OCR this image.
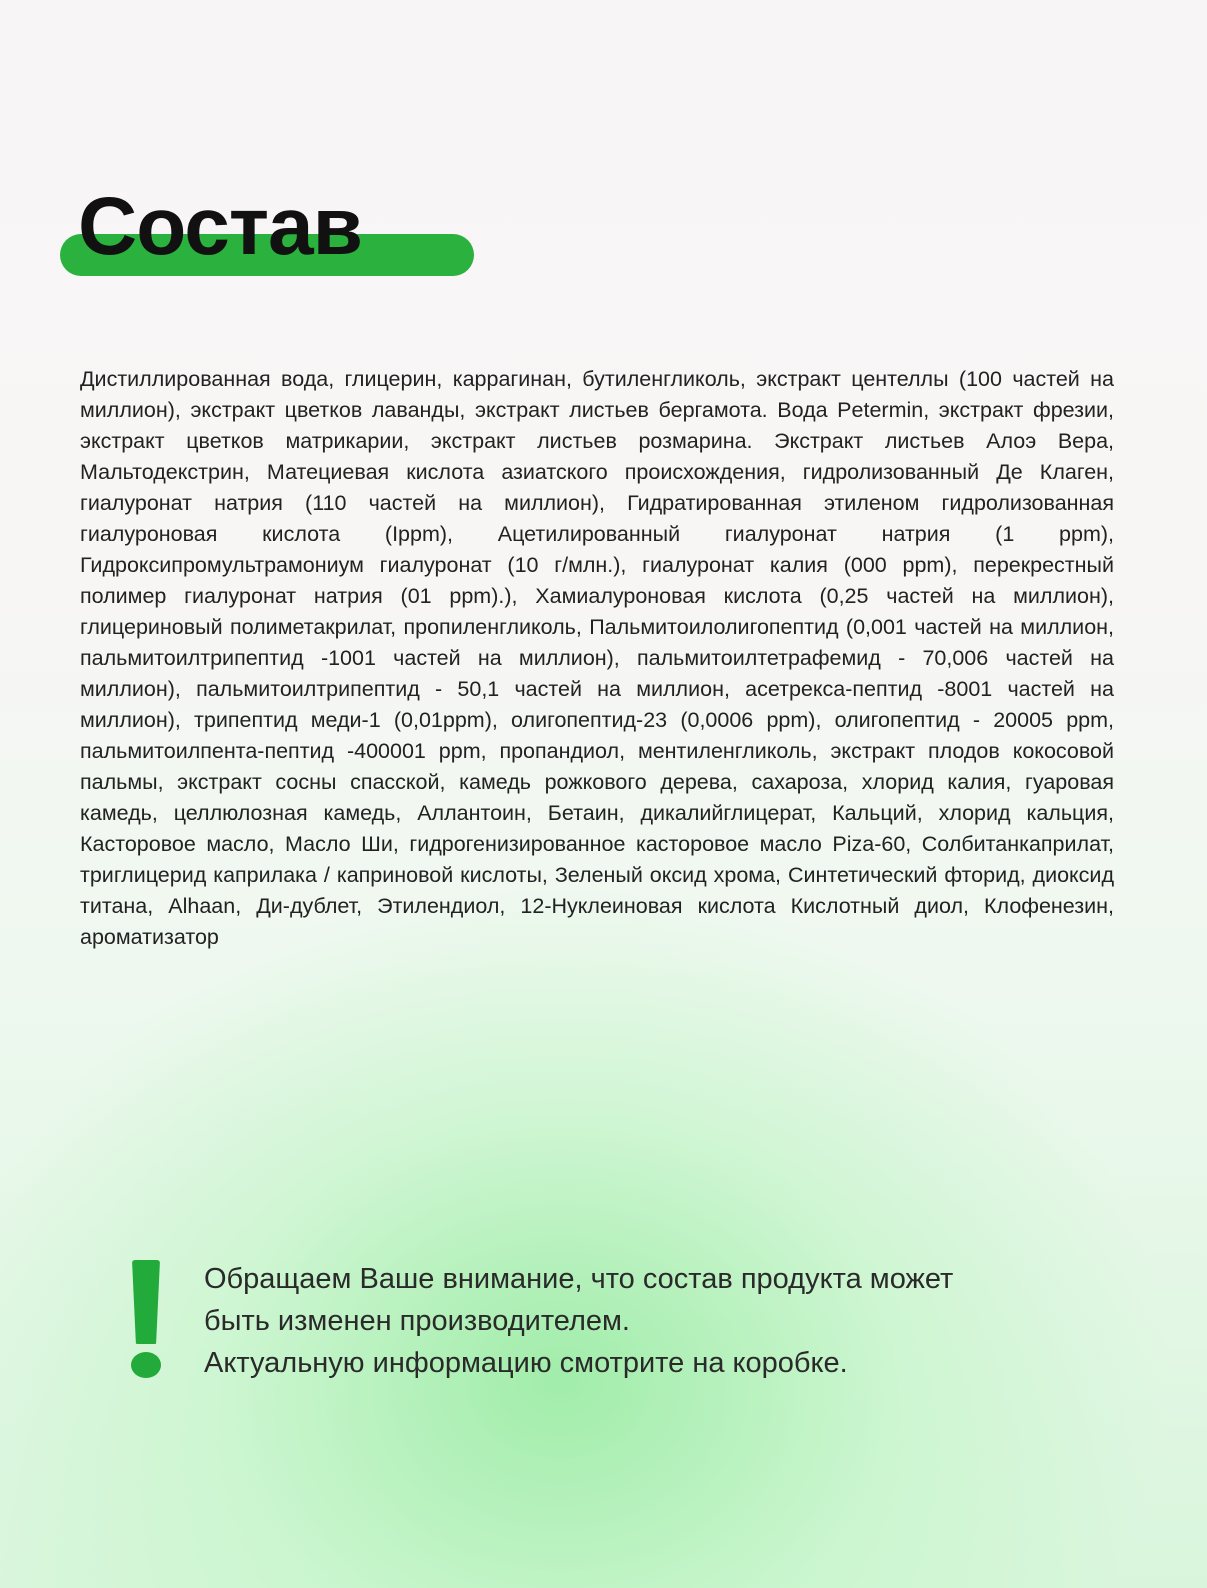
Состав

Дистиллированная вода, глицерин, каррагинан, бутиленгликоль, экстракт центеллы (100 частей на миллион), экстракт цветков лаванды, экстракт листьев бергамота. Вода Petermin, экстракт фрезии, экстракт цветков матрикарии, экстракт листьев розмарина. Экстракт листьев Алоэ Вера, Мальтодекстрин, Матециевая кислота азиатского происхождения, гидролизованный Де Клаген, гиалуронат натрия (110 частей на миллион), Гидратированная этиленом гидролизованная гиалуроновая кислота (Ippm), Ацетилированный гиалуронат натрия (1 ppm), Гидроксипромультрамониум гиалуронат (10 г/млн.), гиалуронат калия (000 ppm), перекрестный полимер гиалуронат натрия (01 ppm).), Хамиалуроновая кислота (0,25 частей на миллион), глицериновый полиметакрилат, пропиленгликоль, Пальмитоилолигопептид (0,001 частей на миллион, пальмитоилтрипептид -1001 частей на миллион), пальмитоилтетрафемид - 70,006 частей на миллион), пальмитоилтрипептид - 50,1 частей на миллион, асетрекса-пептид -8001 частей на миллион), трипептид меди-1 (0,01ppm), олигопептид-23 (0,0006 ppm), олигопептид - 20005 ppm, пальмитоилпента-пептид -400001 ppm, пропандиол, ментиленгликоль, экстракт плодов кокосовой пальмы, экстракт сосны спасской, камедь рожкового дерева, сахароза, хлорид калия, гуаровая камедь, целлюлозная камедь, Аллантоин, Бетаин, дикалийглицерат, Кальций, хлорид кальция, Касторовое масло, Масло Ши, гидрогенизированное касторовое масло Piza-60, Солбитанкаприлат, триглицерид каприлака / каприновой кислоты, Зеленый оксид хрома, Синтетический фторид, диоксид титана, Alhaan, Ди-дублет, Этилендиол, 12-Нуклеиновая кислота Кислотный диол, Клофенезин, ароматизатор

Обращаем Ваше внимание, что состав продукта может
быть изменен производителем.
Актуальную информацию смотрите на коробке.
